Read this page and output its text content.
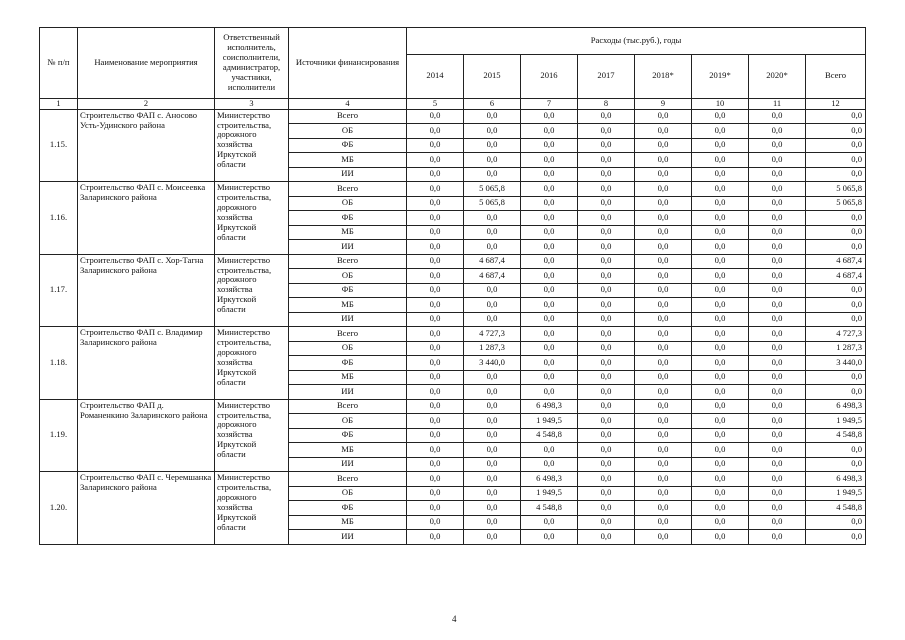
№ п/п	Наименование мероприятия	Ответственный исполнитель, соисполнители, администратор, участники, исполнители	Источники финансирования	Расходы (тыс.руб.), годы							
				2014	2015	2016	2017	2018*	2019*	2020*	Всего
1	2	3	4	5	6	7	8	9	10	11	12
1.15.	Строительство ФАП с. Аносово Усть-Удинского района	Министерство строительства, дорожного хозяйства Иркутской области	Всего	0,0	0,0	0,0	0,0	0,0	0,0	0,0	0,0
			ОБ	0,0	0,0	0,0	0,0	0,0	0,0	0,0	0,0
			ФБ	0,0	0,0	0,0	0,0	0,0	0,0	0,0	0,0
			МБ	0,0	0,0	0,0	0,0	0,0	0,0	0,0	0,0
			ИИ	0,0	0,0	0,0	0,0	0,0	0,0	0,0	0,0
1.16.	Строительство ФАП с. Моисеевка Заларинского района	Министерство строительства, дорожного хозяйства Иркутской области	Всего	0,0	5 065,8	0,0	0,0	0,0	0,0	0,0	5 065,8
			ОБ	0,0	5 065,8	0,0	0,0	0,0	0,0	0,0	5 065,8
			ФБ	0,0	0,0	0,0	0,0	0,0	0,0	0,0	0,0
			МБ	0,0	0,0	0,0	0,0	0,0	0,0	0,0	0,0
			ИИ	0,0	0,0	0,0	0,0	0,0	0,0	0,0	0,0
1.17.	Строительство ФАП с. Хор-Тагна Заларинского района	Министерство строительства, дорожного хозяйства Иркутской области	Всего	0,0	4 687,4	0,0	0,0	0,0	0,0	0,0	4 687,4
			ОБ	0,0	4 687,4	0,0	0,0	0,0	0,0	0,0	4 687,4
			ФБ	0,0	0,0	0,0	0,0	0,0	0,0	0,0	0,0
			МБ	0,0	0,0	0,0	0,0	0,0	0,0	0,0	0,0
			ИИ	0,0	0,0	0,0	0,0	0,0	0,0	0,0	0,0
1.18.	Строительство ФАП с. Владимир Заларинского района	Министерство строительства, дорожного хозяйства Иркутской области	Всего	0,0	4 727,3	0,0	0,0	0,0	0,0	0,0	4 727,3
			ОБ	0,0	1 287,3	0,0	0,0	0,0	0,0	0,0	1 287,3
			ФБ	0,0	3 440,0	0,0	0,0	0,0	0,0	0,0	3 440,0
			МБ	0,0	0,0	0,0	0,0	0,0	0,0	0,0	0,0
			ИИ	0,0	0,0	0,0	0,0	0,0	0,0	0,0	0,0
1.19.	Строительство ФАП д. Романенкино Заларинского района	Министерство строительства, дорожного хозяйства Иркутской области	Всего	0,0	0,0	6 498,3	0,0	0,0	0,0	0,0	6 498,3
			ОБ	0,0	0,0	1 949,5	0,0	0,0	0,0	0,0	1 949,5
			ФБ	0,0	0,0	4 548,8	0,0	0,0	0,0	0,0	4 548,8
			МБ	0,0	0,0	0,0	0,0	0,0	0,0	0,0	0,0
			ИИ	0,0	0,0	0,0	0,0	0,0	0,0	0,0	0,0
1.20.	Строительство ФАП с. Черемшанка Заларинского района	Министерство строительства, дорожного хозяйства Иркутской области	Всего	0,0	0,0	6 498,3	0,0	0,0	0,0	0,0	6 498,3
			ОБ	0,0	0,0	1 949,5	0,0	0,0	0,0	0,0	1 949,5
			ФБ	0,0	0,0	4 548,8	0,0	0,0	0,0	0,0	4 548,8
			МБ	0,0	0,0	0,0	0,0	0,0	0,0	0,0	0,0
			ИИ	0,0	0,0	0,0	0,0	0,0	0,0	0,0	0,0
4
